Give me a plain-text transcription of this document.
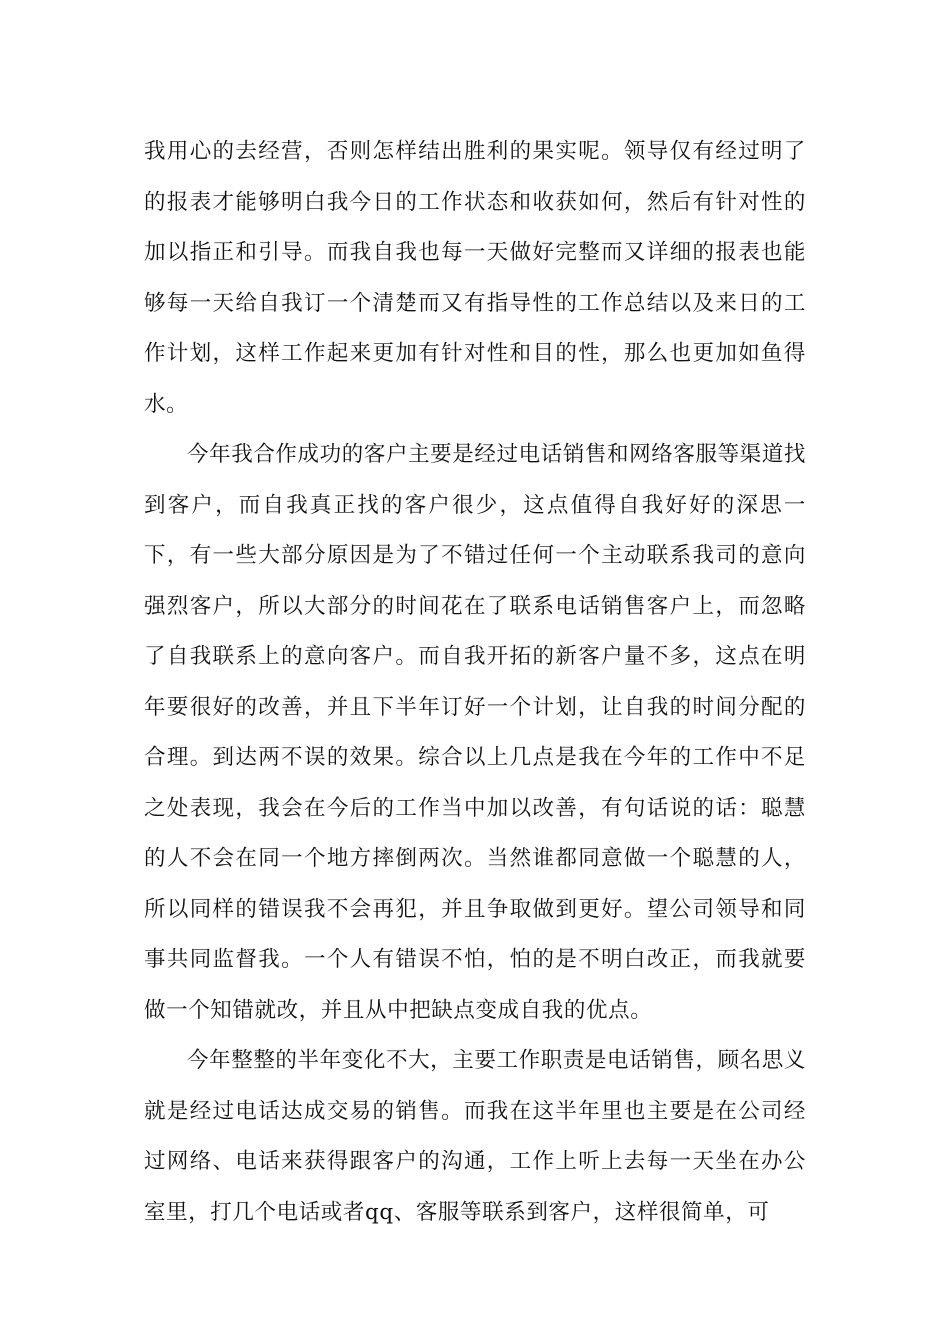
我用心的去经营，否则怎样结出胜利的果实呢。领导仅有经过明了的报表才能够明白我今日的工作状态和收获如何，然后有针对性的加以指正和引导。而我自我也每一天做好完整而又详细的报表也能够每一天给自我订一个清楚而又有指导性的工作总结以及来日的工作计划，这样工作起来更加有针对性和目的性，那么也更加如鱼得水。

今年我合作成功的客户主要是经过电话销售和网络客服等渠道找到客户，而自我真正找的客户很少，这点值得自我好好的深思一下，有一些大部分原因是为了不错过任何一个主动联系我司的意向强烈客户，所以大部分的时间花在了联系电话销售客户上，而忽略了自我联系上的意向客户。而自我开拓的新客户量不多，这点在明年要很好的改善，并且下半年订好一个计划，让自我的时间分配的合理。到达两不误的效果。综合以上几点是我在今年的工作中不足之处表现，我会在今后的工作当中加以改善，有句话说的话：聪慧的人不会在同一个地方摔倒两次。当然谁都同意做一个聪慧的人，所以同样的错误我不会再犯，并且争取做到更好。望公司领导和同事共同监督我。一个人有错误不怕，怕的是不明白改正，而我就要做一个知错就改，并且从中把缺点变成自我的优点。

今年整整的半年变化不大，主要工作职责是电话销售，顾名思义就是经过电话达成交易的销售。而我在这半年里也主要是在公司经过网络、电话来获得跟客户的沟通，工作上听上去每一天坐在办公室里，打几个电话或者qq、客服等联系到客户，这样很简单，可
